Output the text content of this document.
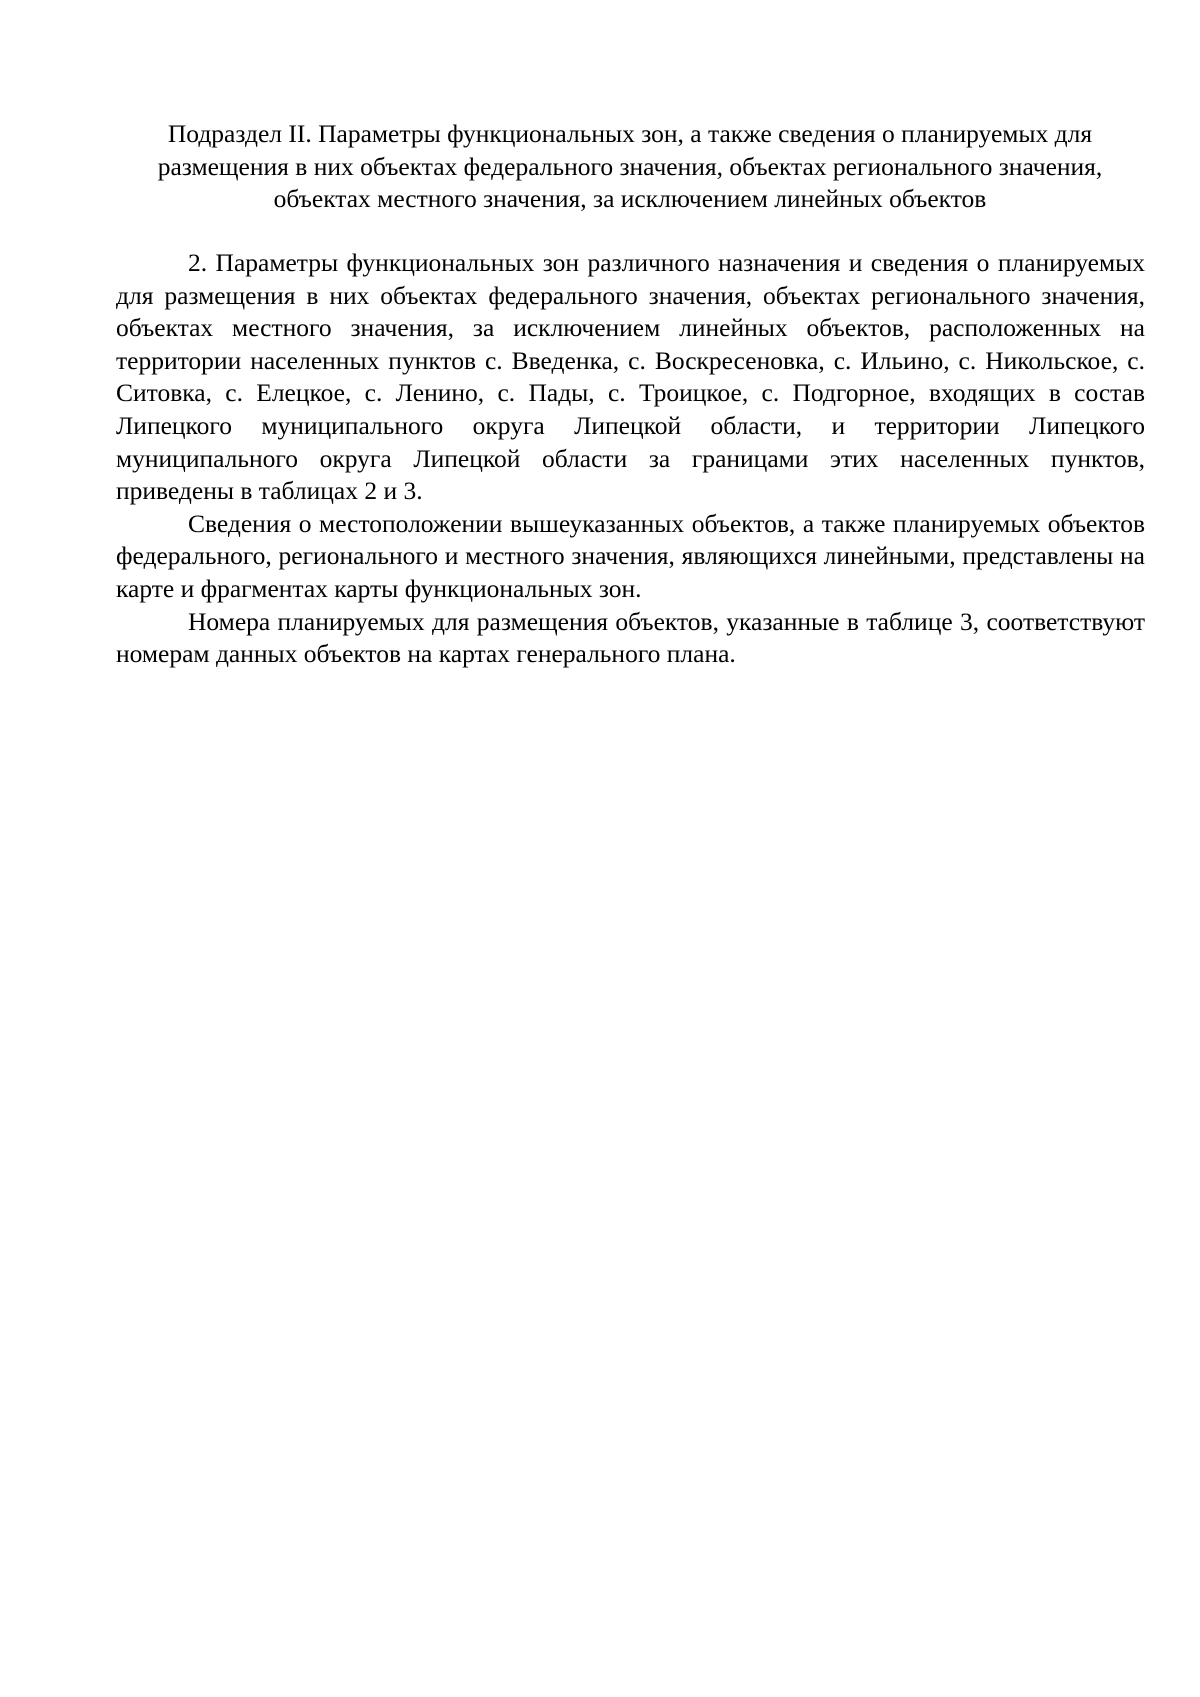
Подраздел II. Параметры функциональных зон, а также сведения о планируемых для размещения в них объектах федерального значения, объектах регионального значения, объектах местного значения, за исключением линейных объектов

2. Параметры функциональных зон различного назначения и сведения о планируемых для размещения в них объектах федерального значения, объектах регионального значения, объектах местного значения, за исключением линейных объектов, расположенных на территории населенных пунктов с. Введенка, с. Воскресеновка, с. Ильино, с. Никольское, с. Ситовка, с. Елецкое, с. Ленино, с. Пады, с. Троицкое, с. Подгорное, входящих в состав Липецкого муниципального округа Липецкой области, и территории Липецкого муниципального округа Липецкой области за границами этих населенных пунктов, приведены в таблицах 2 и 3.

Сведения о местоположении вышеуказанных объектов, а также планируемых объектов федерального, регионального и местного значения, являющихся линейными, представлены на карте и фрагментах карты функциональных зон.

Номера планируемых для размещения объектов, указанные в таблице 3, соответствуют номерам данных объектов на картах генерального плана.
